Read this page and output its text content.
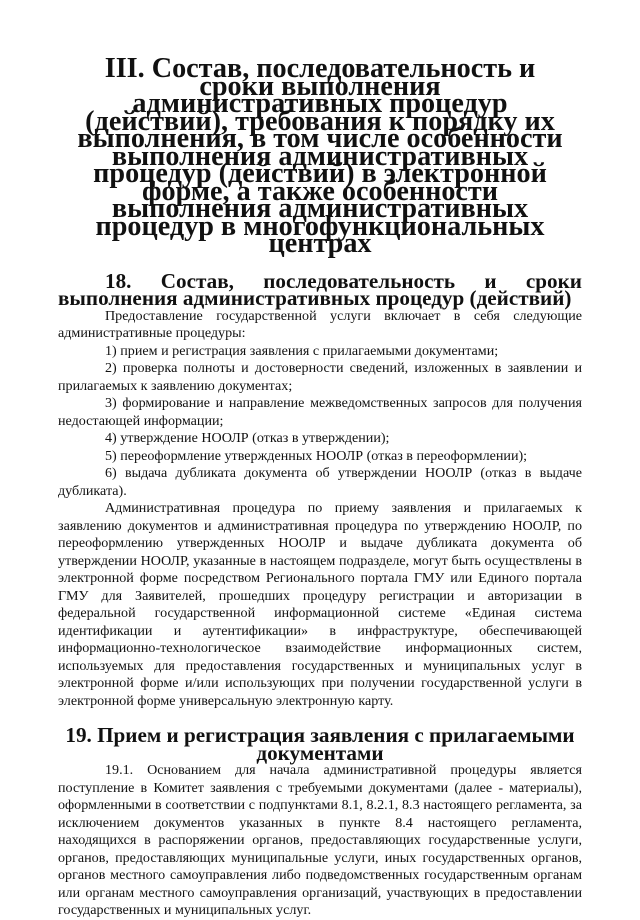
III. Состав, последовательность и сроки выполнения административных процедур (действий), требования к порядку их выполнения, в том числе особенности выполнения административных процедур (действий) в электронной форме, а также особенности выполнения административных процедур в многофункциональных центрах
18. Состав, последовательность и сроки выполнения административных процедур (действий)

Предоставление государственной услуги включает в себя следующие административные процедуры:

1) прием и регистрация заявления с прилагаемыми документами;

2) проверка полноты и достоверности сведений, изложенных в заявлении и прилагаемых к заявлению документах;

3) формирование и направление межведомственных запросов для получения недостающей информации;

4) утверждение НООЛР (отказ в утверждении);

5) переоформление утвержденных НООЛР (отказ в переоформлении);

6) выдача дубликата документа об утверждении НООЛР (отказ в выдаче дубликата).

Административная процедура по приему заявления и прилагаемых к заявлению документов и административная процедура по утверждению НООЛР, по переоформлению утвержденных НООЛР и выдаче дубликата документа об утверждении НООЛР, указанные в настоящем подразделе, могут быть осуществлены в электронной форме посредством Регионального портала ГМУ или Единого портала ГМУ для Заявителей, прошедших процедуру регистрации и авторизации в федеральной государственной информационной системе «Единая система идентификации и аутентификации» в инфраструктуре, обеспечивающей информационно-технологическое взаимодействие информационных систем, используемых для предоставления государственных и муниципальных услуг в электронной форме и/или использующих при получении государственной услуги в электронной форме универсальную электронную карту.

19. Прием и регистрация заявления с прилагаемыми документами

19.1. Основанием для начала административной процедуры является поступление в Комитет заявления с требуемыми документами (далее - материалы), оформленными в соответствии с подпунктами 8.1, 8.2.1, 8.3 настоящего регламента, за исключением документов указанных в пункте 8.4 настоящего регламента, находящихся в распоряжении органов, предоставляющих государственные услуги, органов, предоставляющих муниципальные услуги, иных государственных органов, органов местного самоуправления либо подведомственных государственным органам или органам местного самоуправления организаций, участвующих в предоставлении государственных и муниципальных услуг.
